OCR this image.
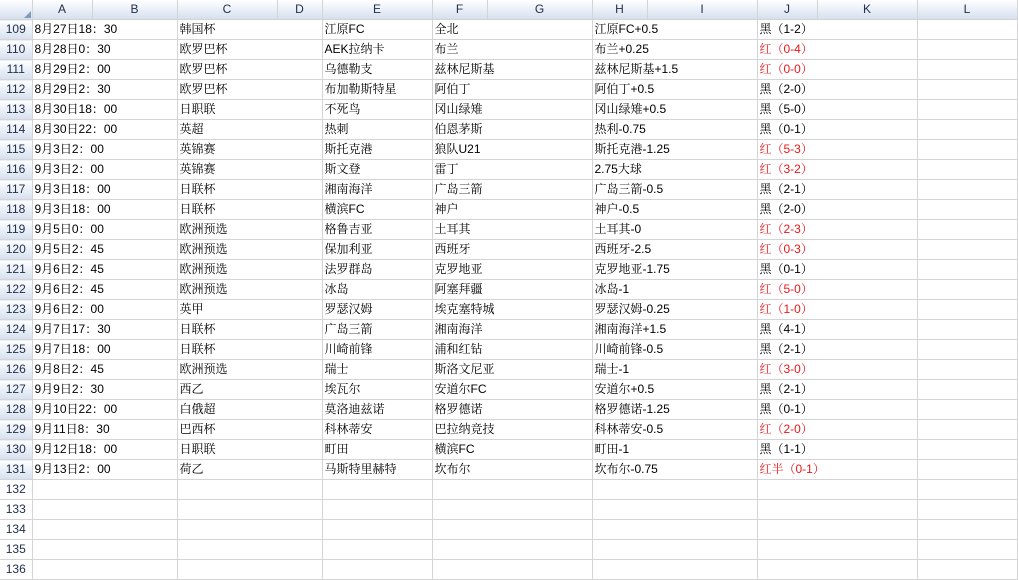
	A	B	C	D	E	F	G	H	I	J	K	L
109	8月27日18：30		韩国杯		江原FC	全北		江原FC+0.5		黑（1-2）		
110	8月28日0：30		欧罗巴杯		AEK拉纳卡	布兰		布兰+0.25		红（0-4）		
111	8月29日2：00		欧罗巴杯		乌德勒支	兹林尼斯基		兹林尼斯基+1.5		红（0-0）		
112	8月29日2：30		欧罗巴杯		布加勒斯特星	阿伯丁		阿伯丁+0.5		黑（2-0）		
113	8月30日18：00		日职联		不死鸟	冈山绿雉		冈山绿雉+0.5		黑（5-0）		
114	8月30日22：00		英超		热刺	伯恩茅斯		热利-0.75		黑（0-1）		
115	9月3日2：00		英锦赛		斯托克港	狼队U21		斯托克港-1.25		红（5-3）		
116	9月3日2：00		英锦赛		斯文登	雷丁		2.75大球		红（3-2）		
117	9月3日18：00		日联杯		湘南海洋	广岛三箭		广岛三箭-0.5		黑（2-1）		
118	9月3日18：00		日联杯		横滨FC	神户		神户-0.5		黑（2-0）		
119	9月5日0：00		欧洲预选		格鲁吉亚	土耳其		土耳其-0		红（2-3）		
120	9月5日2：45		欧洲预选		保加利亚	西班牙		西班牙-2.5		红（0-3）		
121	9月6日2：45		欧洲预选		法罗群岛	克罗地亚		克罗地亚-1.75		黑（0-1）		
122	9月6日2：45		欧洲预选		冰岛	阿塞拜疆		冰岛-1		红（5-0）		
123	9月6日2：00		英甲		罗瑟汉姆	埃克塞特城		罗瑟汉姆-0.25		红（1-0）		
124	9月7日17：30		日联杯		广岛三箭	湘南海洋		湘南海洋+1.5		黑（4-1）		
125	9月7日18：00		日联杯		川崎前锋	浦和红钻		川崎前锋-0.5		黑（2-1）		
126	9月8日2：45		欧洲预选		瑞士	斯洛文尼亚		瑞士-1		红（3-0）		
127	9月9日2：30		西乙		埃瓦尔	安道尔FC		安道尔+0.5		黑（2-1）		
128	9月10日22：00		白俄超		莫洛迪兹诺	格罗德诺		格罗德诺-1.25		黑（0-1）		
129	9月11日8：30		巴西杯		科林蒂安	巴拉纳竞技		科林蒂安-0.5		红（2-0）		
130	9月12日18：00		日职联		町田	横滨FC		町田-1		黑（1-1）		
131	9月13日2：00		荷乙		马斯特里赫特	坎布尔		坎布尔-0.75		红半（0-1）		
132												
133												
134												
135												
136												
